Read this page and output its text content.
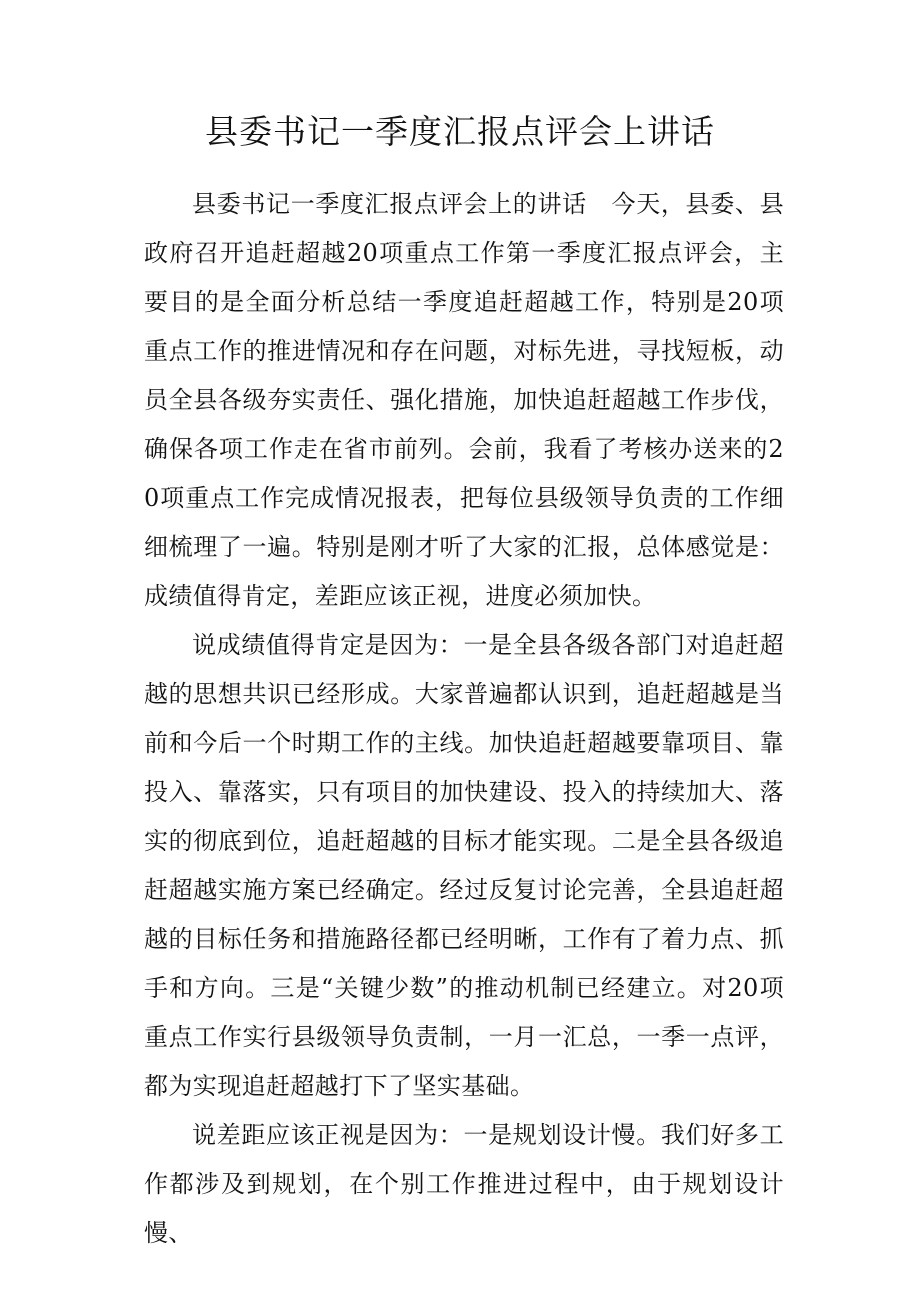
县委书记一季度汇报点评会上讲话

县委书记一季度汇报点评会上的讲话　今天，县委、县政府召开追赶超越20项重点工作第一季度汇报点评会，主要目的是全面分析总结一季度追赶超越工作，特别是20项重点工作的推进情况和存在问题，对标先进，寻找短板，动员全县各级夯实责任、强化措施，加快追赶超越工作步伐，确保各项工作走在省市前列。会前，我看了考核办送来的20项重点工作完成情况报表，把每位县级领导负责的工作细细梳理了一遍。特别是刚才听了大家的汇报，总体感觉是：成绩值得肯定，差距应该正视，进度必须加快。

说成绩值得肯定是因为：一是全县各级各部门对追赶超越的思想共识已经形成。大家普遍都认识到，追赶超越是当前和今后一个时期工作的主线。加快追赶超越要靠项目、靠投入、靠落实，只有项目的加快建设、投入的持续加大、落实的彻底到位，追赶超越的目标才能实现。二是全县各级追赶超越实施方案已经确定。经过反复讨论完善，全县追赶超越的目标任务和措施路径都已经明晰，工作有了着力点、抓手和方向。三是“关键少数”的推动机制已经建立。对20项重点工作实行县级领导负责制，一月一汇总，一季一点评，都为实现追赶超越打下了坚实基础。

说差距应该正视是因为：一是规划设计慢。我们好多工作都涉及到规划，在个别工作推进过程中，由于规划设计慢、
